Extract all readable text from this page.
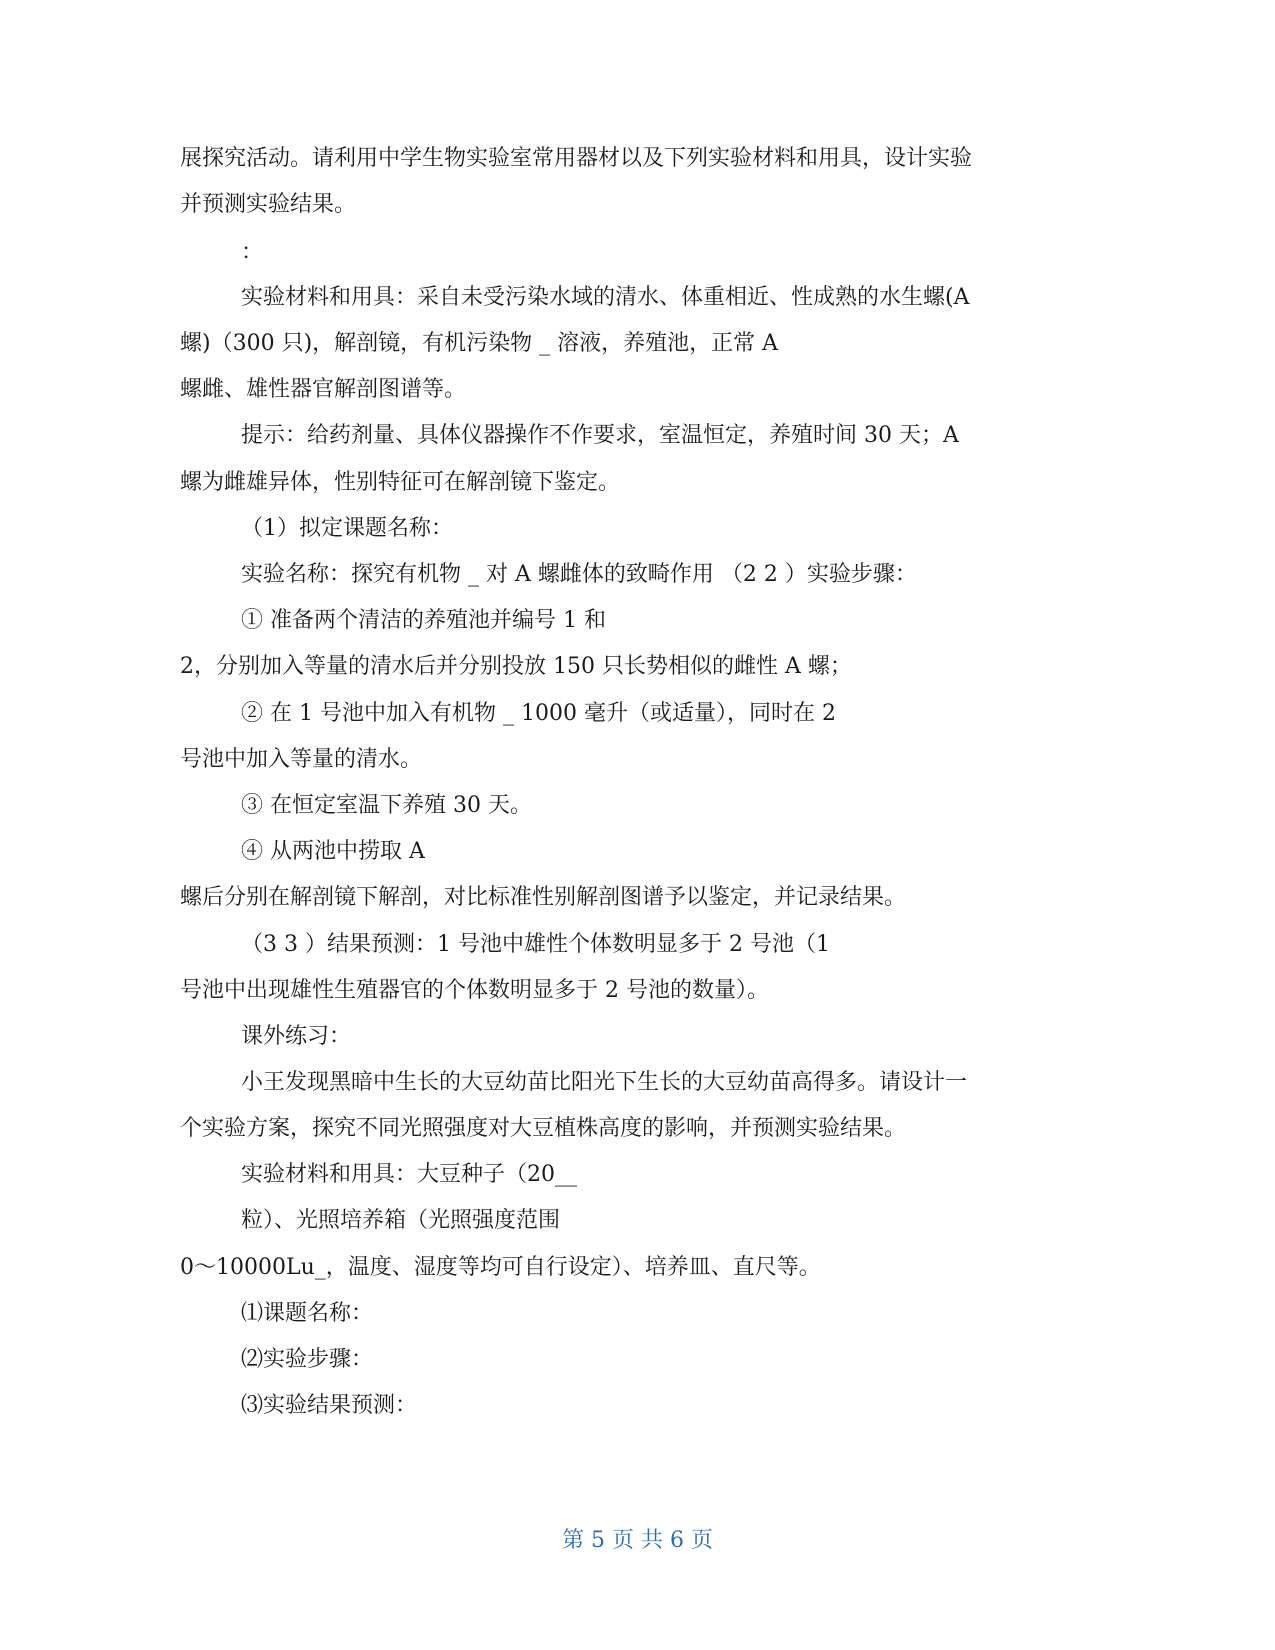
展探究活动。请利用中学生物实验室常用器材以及下列实验材料和用具，设计实验
并预测实验结果。
：
实验材料和用具：采自未受污染水域的清水、体重相近、性成熟的水生螺(A
螺)（300 只)，解剖镜，有机污染物 _ 溶液，养殖池，正常 A
螺雌、雄性器官解剖图谱等。
提示：给药剂量、具体仪器操作不作要求，室温恒定，养殖时间 30 天；A
螺为雌雄异体，性别特征可在解剖镜下鉴定。
（1）拟定课题名称：
实验名称：探究有机物 _ 对 A 螺雌体的致畸作用 （2 2 ）实验步骤：
① 准备两个清洁的养殖池并编号 1 和
2，分别加入等量的清水后并分别投放 150 只长势相似的雌性 A 螺；
② 在 1 号池中加入有机物 _ 1000 毫升（或适量），同时在 2
号池中加入等量的清水。
③ 在恒定室温下养殖 30 天。
④ 从两池中捞取 A
螺后分别在解剖镜下解剖，对比标准性别解剖图谱予以鉴定，并记录结果。
（3 3 ）结果预测：1 号池中雄性个体数明显多于 2 号池（1
号池中出现雄性生殖器官的个体数明显多于 2 号池的数量）。
课外练习：
小王发现黑暗中生长的大豆幼苗比阳光下生长的大豆幼苗高得多。请设计一
个实验方案，探究不同光照强度对大豆植株高度的影响，并预测实验结果。
实验材料和用具：大豆种子（20__
粒）、光照培养箱（光照强度范围
0～10000Lu_，温度、湿度等均可自行设定）、培养皿、直尺等。
⑴课题名称：
⑵实验步骤：
⑶实验结果预测：
第 5 页 共 6 页
